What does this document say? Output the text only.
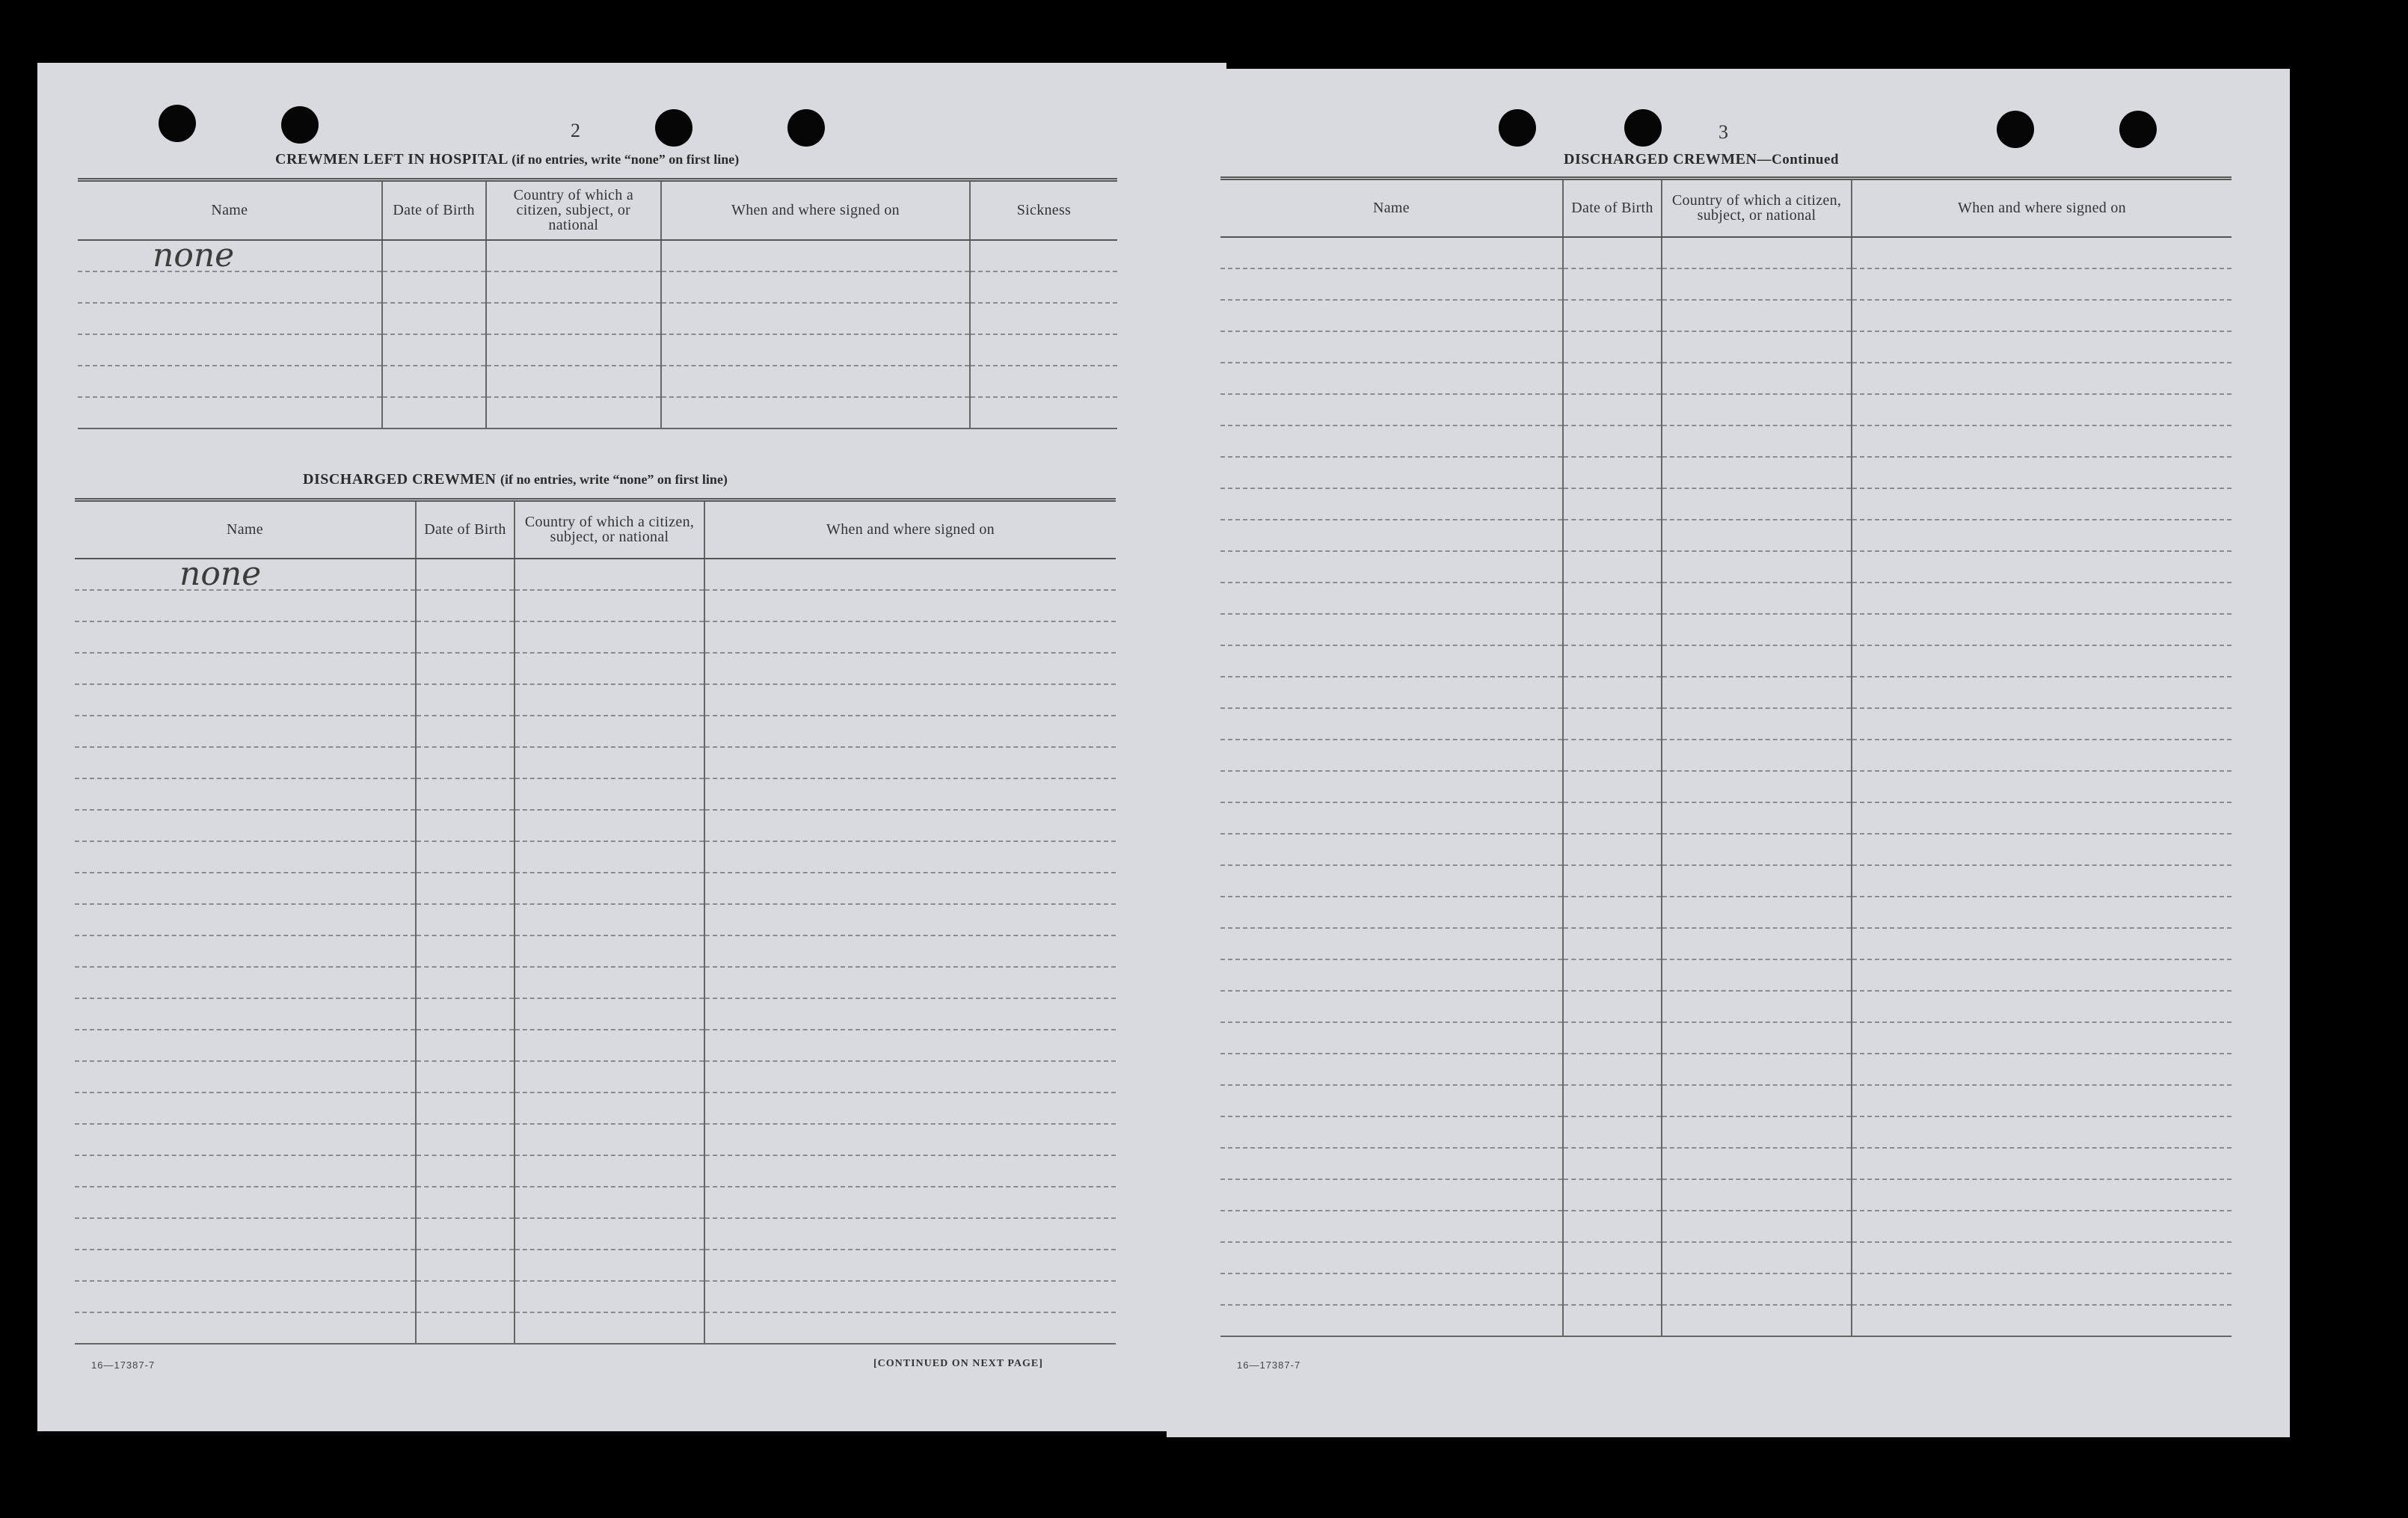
2
CREWMEN LEFT IN HOSPITAL (if no entries, write “none” on first line)
Name	Date of Birth	Country of which a citizen, subject, or national	When and where signed on	Sickness
none				

DISCHARGED CREWMEN (if no entries, write “none” on first line)
Name	Date of Birth	Country of which a citizen, subject, or national	When and where signed on
none			

16—17387-7	[CONTINUED ON NEXT PAGE]
3
DISCHARGED CREWMEN—Continued
Name	Date of Birth	Country of which a citizen, subject, or national	When and where signed on

16—17387-7
